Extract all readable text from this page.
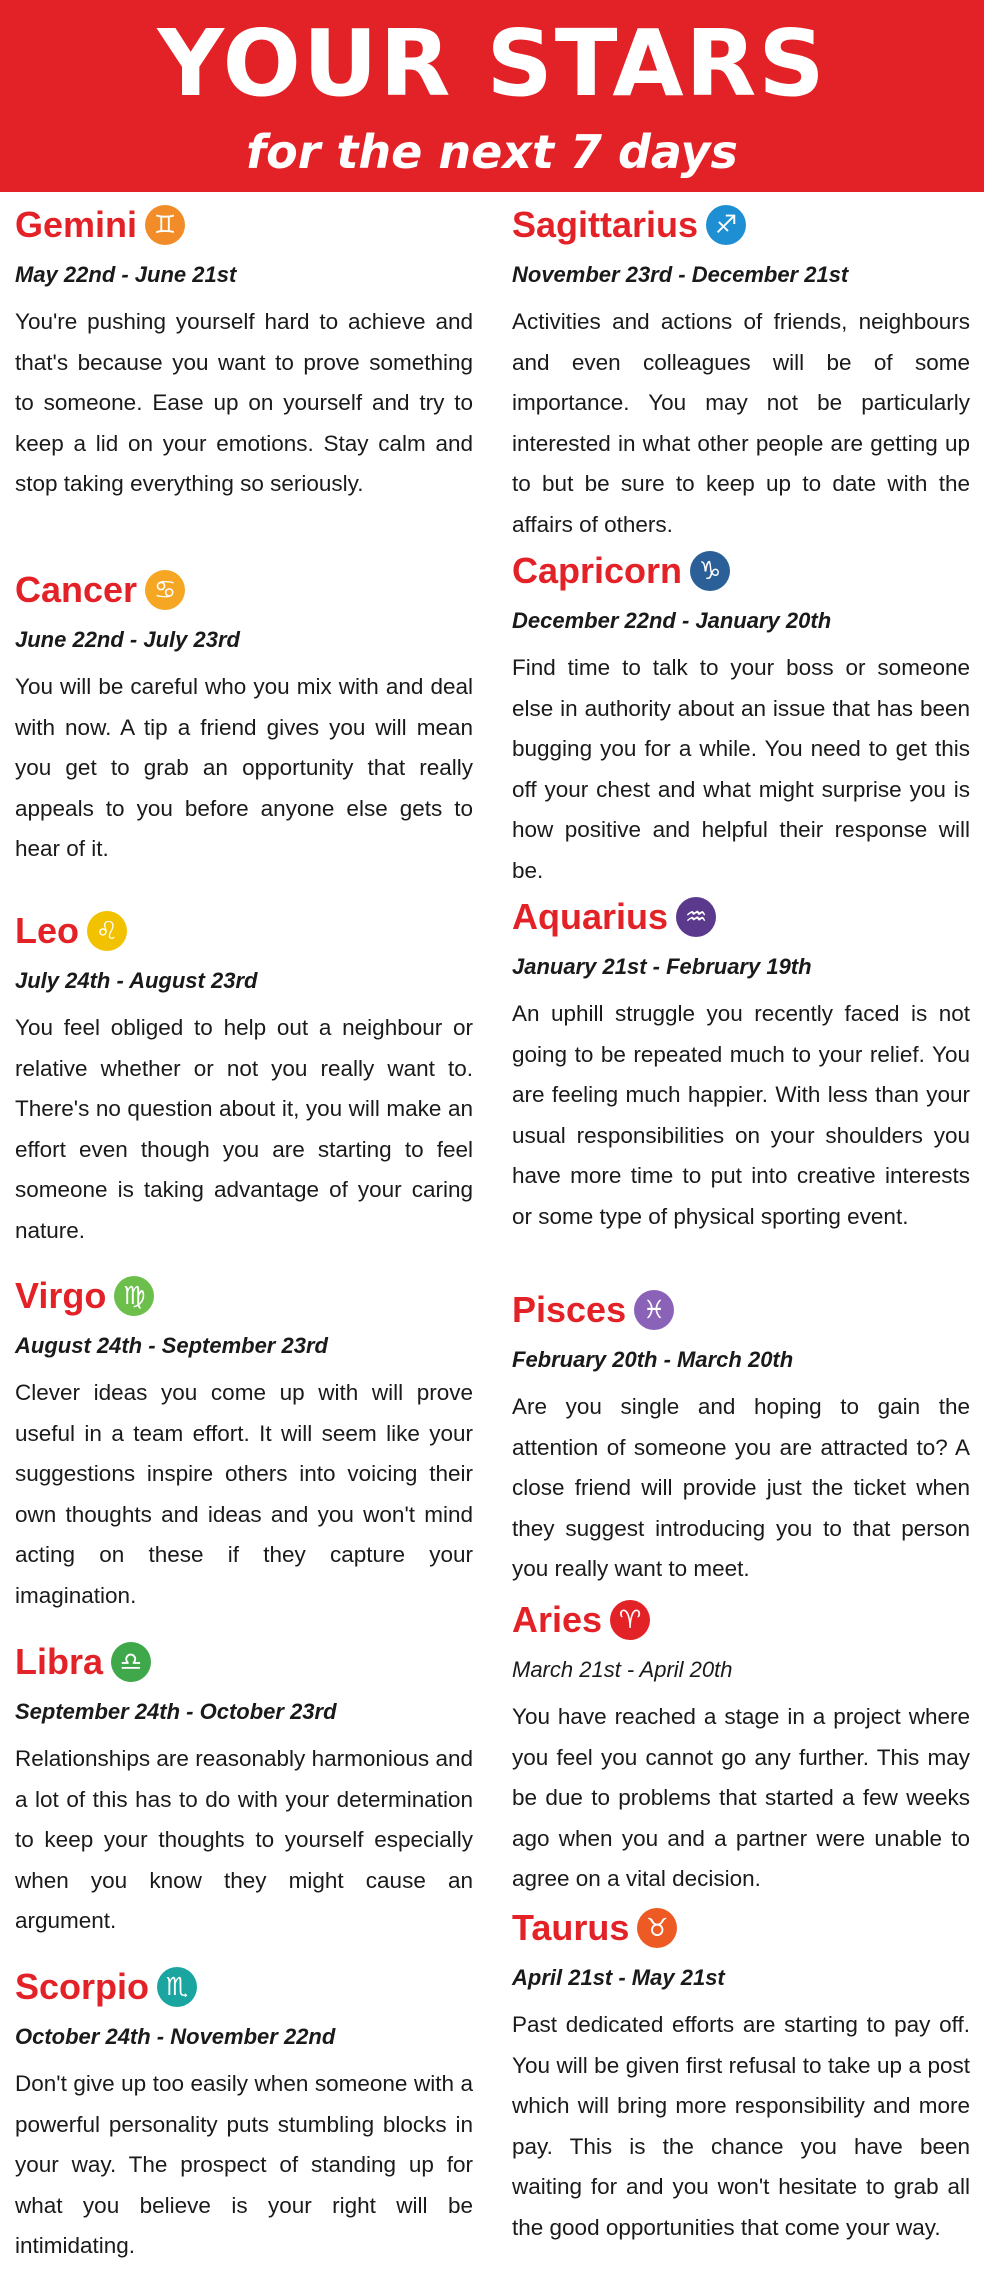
YOUR STARS
for the next 7 days
Gemini ♊︎
May 22nd - June 21st
You're pushing yourself hard to achieve and that's because you want to prove something to someone. Ease up on yourself and try to keep a lid on your emotions. Stay calm and stop taking everything so seriously.
Cancer ♋︎
June 22nd - July 23rd
You will be careful who you mix with and deal with now. A tip a friend gives you will mean you get to grab an opportunity that really appeals to you before anyone else gets to hear of it.
Leo ♌︎
July 24th - August 23rd
You feel obliged to help out a neighbour or relative whether or not you really want to. There's no question about it, you will make an effort even though you are starting to feel someone is taking advantage of your caring nature.
Virgo ♍︎
August 24th - September 23rd
Clever ideas you come up with will prove useful in a team effort. It will seem like your suggestions inspire others into voicing their own thoughts and ideas and you won't mind acting on these if they capture your imagination.
Libra ♎︎
September 24th - October 23rd
Relationships are reasonably harmonious and a lot of this has to do with your determination to keep your thoughts to yourself especially when you know they might cause an argument.
Scorpio ♏︎
October 24th - November 22nd
Don't give up too easily when someone with a powerful personality puts stumbling blocks in your way. The prospect of standing up for what you believe is your right will be intimidating.
Sagittarius ♐︎
November 23rd - December 21st
Activities and actions of friends, neighbours and even colleagues will be of some importance. You may not be particularly interested in what other people are getting up to but be sure to keep up to date with the affairs of others.
Capricorn ♑︎
December 22nd - January 20th
Find time to talk to your boss or someone else in authority about an issue that has been bugging you for a while. You need to get this off your chest and what might surprise you is how positive and helpful their response will be.
Aquarius ♒︎
January 21st - February 19th
An uphill struggle you recently faced is not going to be repeated much to your relief. You are feeling much happier. With less than your usual responsibilities on your shoulders you have more time to put into creative interests or some type of physical sporting event.
Pisces ♓︎
February 20th - March 20th
Are you single and hoping to gain the attention of someone you are attracted to? A close friend will provide just the ticket when they suggest introducing you to that person you really want to meet.
Aries ♈︎
March 21st - April 20th
You have reached a stage in a project where you feel you cannot go any further. This may be due to problems that started a few weeks ago when you and a partner were unable to agree on a vital decision.
Taurus ♉︎
April 21st - May 21st
Past dedicated efforts are starting to pay off. You will be given first refusal to take up a post which will bring more responsibility and more pay. This is the chance you have been waiting for and you won't hesitate to grab all the good opportunities that come your way.
